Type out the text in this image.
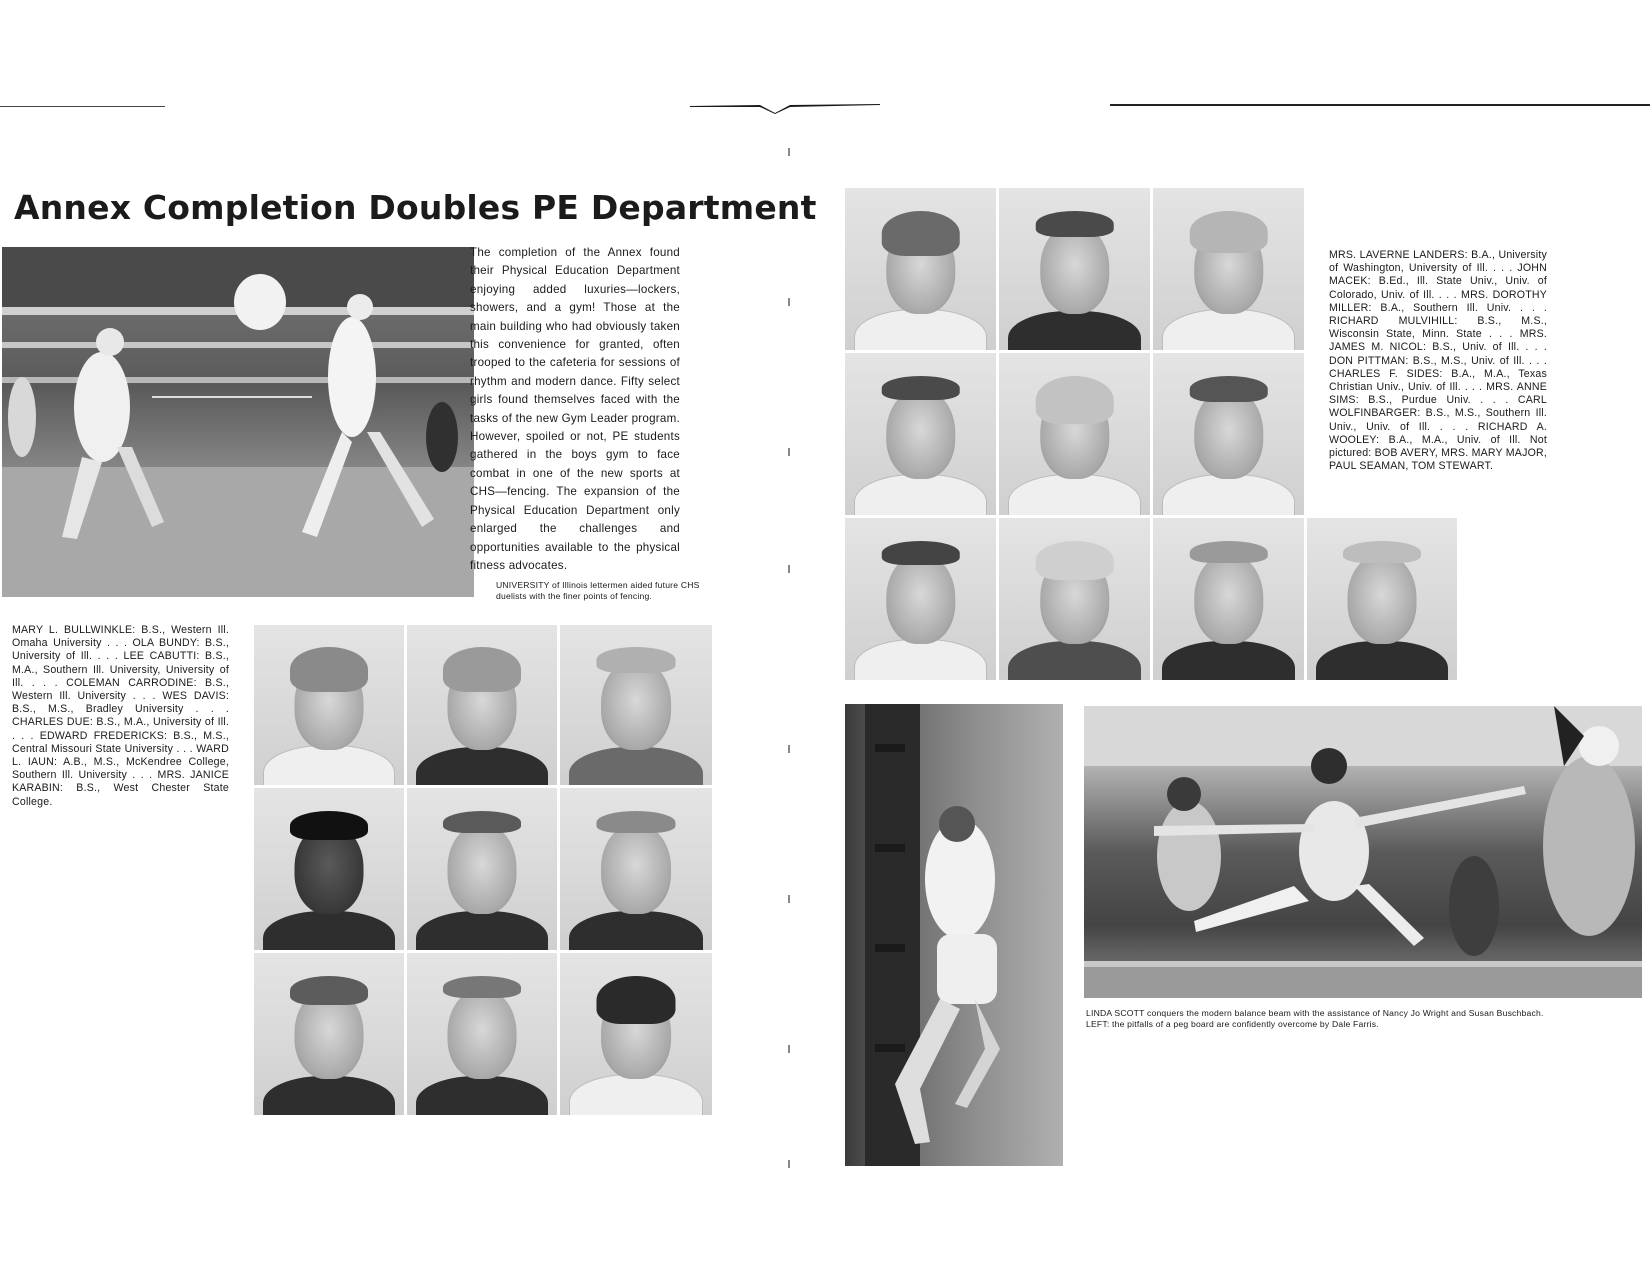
Annex Completion Doubles PE Department
The completion of the Annex found their Physical Education Department enjoying added luxuries—lockers, showers, and a gym! Those at the main building who had obviously taken this convenience for granted, often trooped to the cafeteria for sessions of rhythm and modern dance. Fifty select girls found themselves faced with the tasks of the new Gym Leader program. However, spoiled or not, PE students gathered in the boys gym to face combat in one of the new sports at CHS—fencing. The expansion of the Physical Education Department only enlarged the challenges and opportunities available to the physical fitness advocates.
UNIVERSITY of Illinois lettermen aided future CHS duelists with the finer points of fencing.
MARY L. BULLWINKLE: B.S., Western Ill. Omaha University . . . OLA BUNDY: B.S., University of Ill. . . . LEE CABUTTI: B.S., M.A., Southern Ill. University, University of Ill. . . . COLEMAN CARRODINE: B.S., Western Ill. University . . . WES DAVIS: B.S., M.S., Bradley University . . . CHARLES DUE: B.S., M.A., University of Ill. . . . EDWARD FREDERICKS: B.S., M.S., Central Missouri State University . . . WARD L. IAUN: A.B., M.S., McKendree College, Southern Ill. University . . . MRS. JANICE KARABIN: B.S., West Chester State College.
MRS. LAVERNE LANDERS: B.A., University of Washington, University of Ill. . . . JOHN MACEK: B.Ed., Ill. State Univ., Univ. of Colorado, Univ. of Ill. . . . MRS. DOROTHY MILLER: B.A., Southern Ill. Univ. . . . RICHARD MULVIHILL: B.S., M.S., Wisconsin State, Minn. State . . . MRS. JAMES M. NICOL: B.S., Univ. of Ill. . . . DON PITTMAN: B.S., M.S., Univ. of Ill. . . . CHARLES F. SIDES: B.A., M.A., Texas Christian Univ., Univ. of Ill. . . . MRS. ANNE SIMS: B.S., Purdue Univ. . . . CARL WOLFINBARGER: B.S., M.S., Southern Ill. Univ., Univ. of Ill. . . . RICHARD A. WOOLEY: B.A., M.A., Univ. of Ill. Not pictured: BOB AVERY, MRS. MARY MAJOR, PAUL SEAMAN, TOM STEWART.
LINDA SCOTT conquers the modern balance beam with the assistance of Nancy Jo Wright and Susan Buschbach. LEFT: the pitfalls of a peg board are confidently overcome by Dale Farris.
